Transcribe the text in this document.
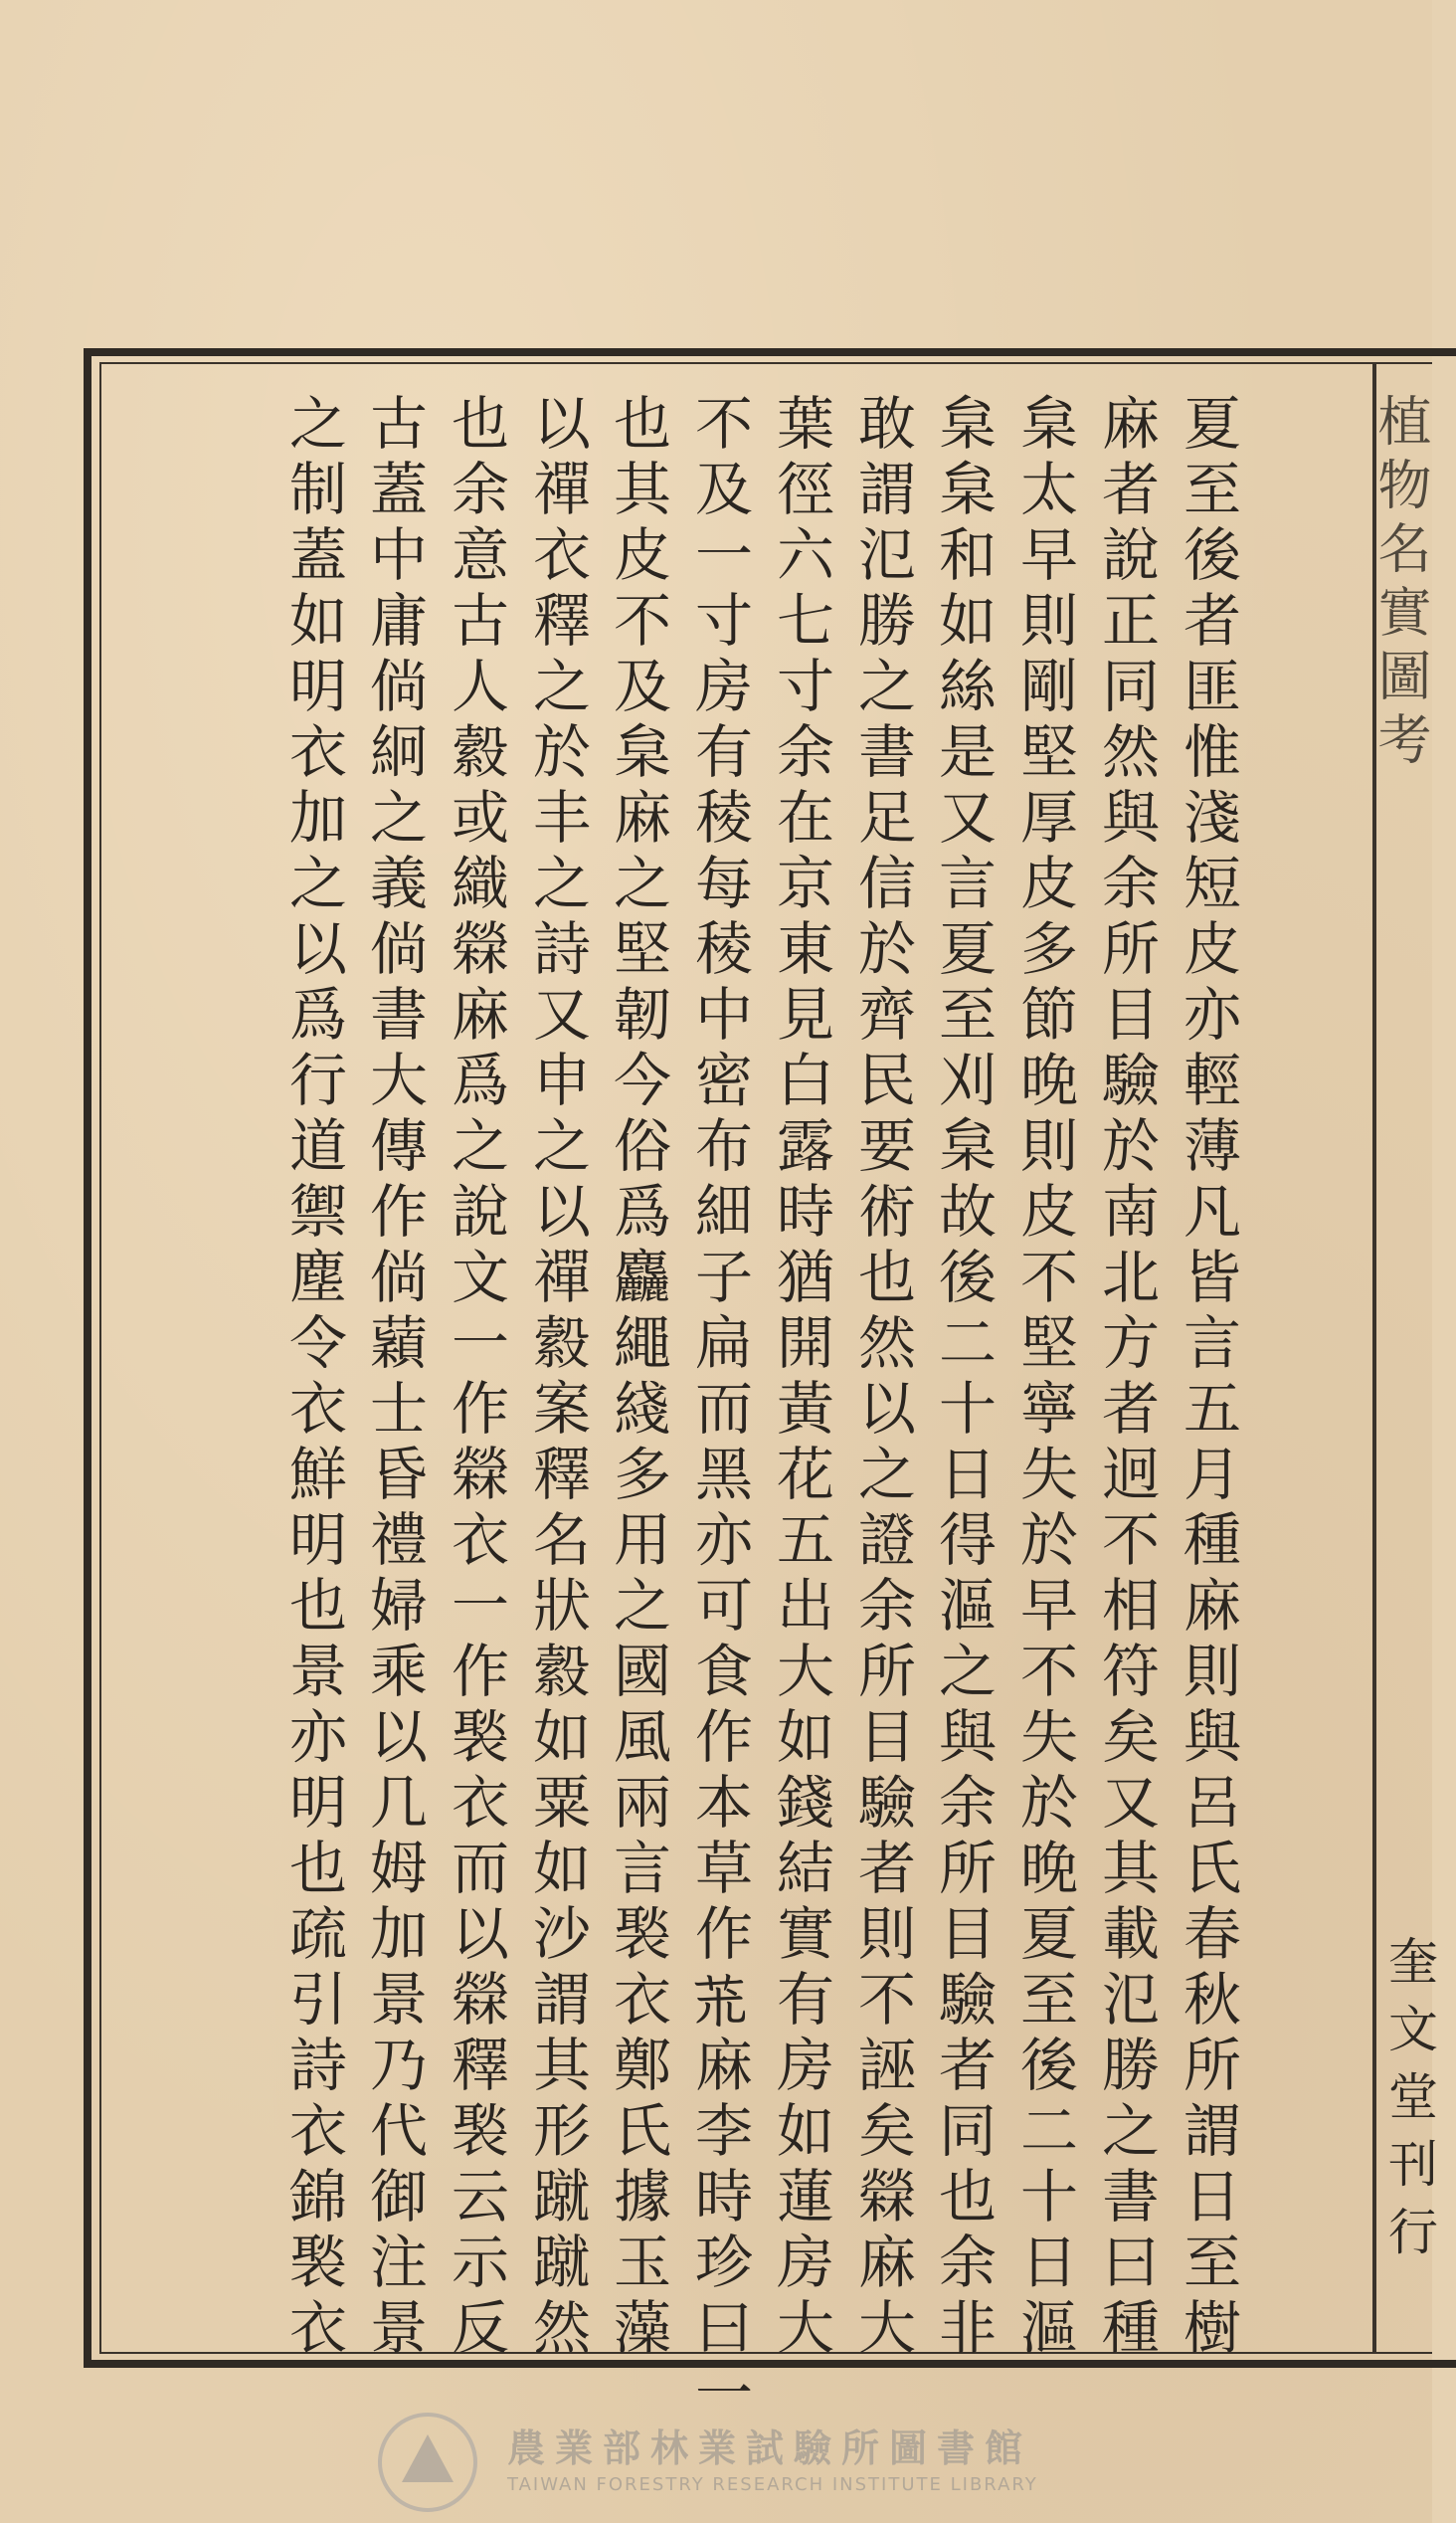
夏至後者匪惟淺短皮亦輕薄凡皆言五月種麻則與呂氏春秋所謂日至樹
麻者說正同然與余所目驗於南北方者迥不相符矣又其載氾勝之書曰種
枲太早則剛堅厚皮多節晚則皮不堅寧失於早不失於晚夏至後二十日漚
枲枲和如絲是又言夏至刈枲故後二十日得漚之與余所目驗者同也余非
敢謂氾勝之書足信於齊民要術也然以之證余所目驗者則不誣矣檾麻大
葉徑六七寸余在京東見白露時猶開黃花五出大如錢結實有房如蓮房大
不及一寸房有稜每稜中密布細子扁而黑亦可食作本草作𦬸麻李時珍曰一
也其皮不及枲麻之堅韌今俗爲麤繩綫多用之國風兩言褧衣鄭氏據玉藻
以禪衣釋之於丰之詩又申之以禪縠案釋名狀縠如粟如沙謂其形蹴蹴然
也余意古人縠或織檾麻爲之說文一作檾衣一作褧衣而以檾釋褧云示反
古蓋中庸倘絅之義倘書大傳作倘蘔士昏禮婦乘以几姆加景乃代御注景
之制蓋如明衣加之以爲行道禦塵令衣鮮明也景亦明也疏引詩衣錦褧衣	植物名實圖考
奎文堂刊行
農業部林業試驗所圖書館
TAIWAN FORESTRY RESEARCH INSTITUTE LIBRARY
